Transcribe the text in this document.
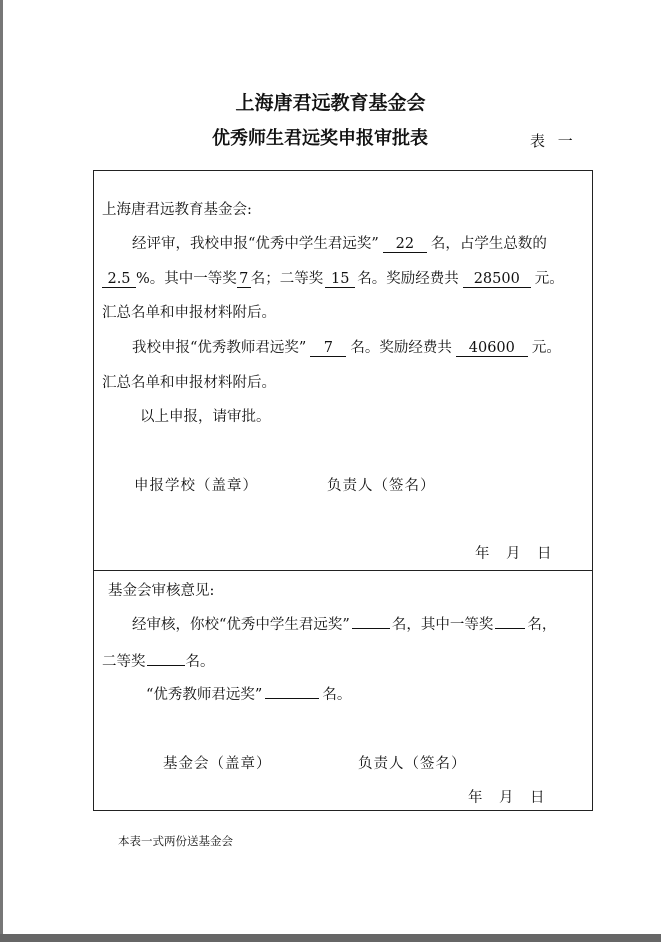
上海唐君远教育基金会
优秀师生君远奖申报审批表	表 一
上海唐君远教育基金会:
经评审，我校申报“优秀中学生君远奖” 22 名，占学生总数的
2.5 %。其中一等奖 7 名；二等奖 15 名。奖励经费共 28500 元。
汇总名单和申报材料附后。
我校申报“优秀教师君远奖” 7 名。奖励经费共 40600 元。
汇总名单和申报材料附后。
以上申报，请审批。
申报学校（盖章）	负责人（签名）
年　月　日
基金会审核意见:
经审核，你校“优秀中学生君远奖”	名，其中一等奖 名，
二等奖	名。
“优秀教师君远奖”	名。
基金会（盖章）	负责人（签名）
年　月　日
本表一式两份送基金会
